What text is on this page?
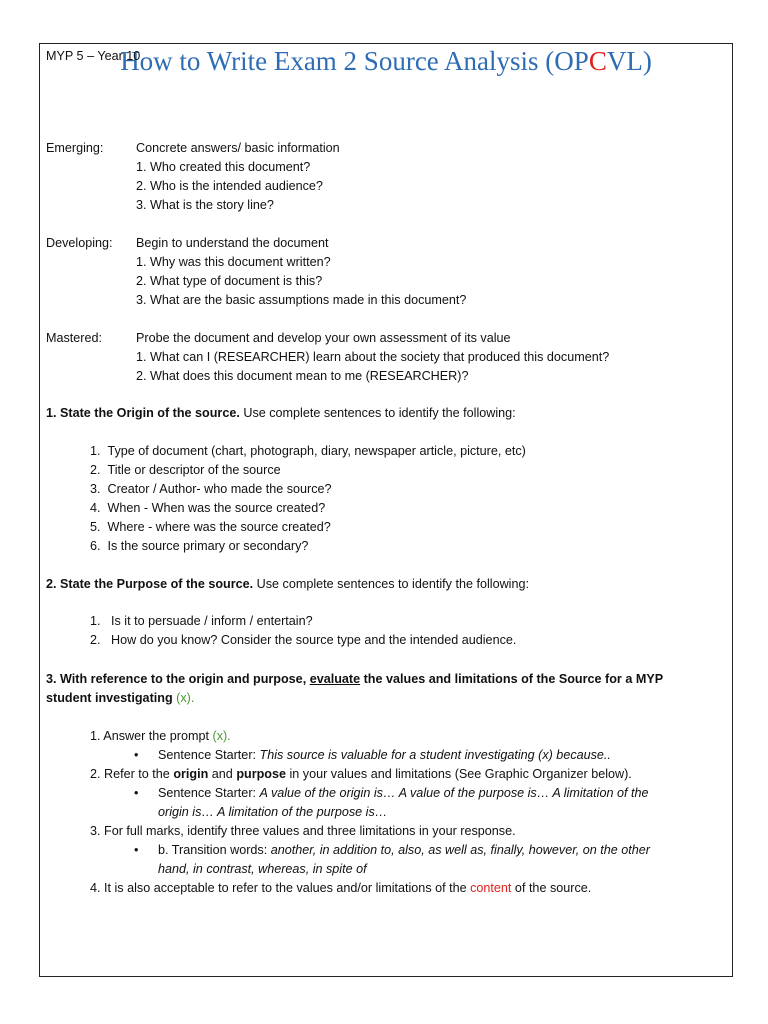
MYP 5 – Year 10
How to Write Exam 2 Source Analysis (OPCVL)
Emerging:	Concrete answers/ basic information
1. Who created this document?
2. Who is the intended audience?
3. What is the story line?
Developing: Begin to understand the document
1. Why was this document written?
2. What type of document is this?
3. What are the basic assumptions made in this document?
Mastered:	Probe the document and develop your own assessment of its value
1. What can I (RESEARCHER) learn about the society that produced this document?
2. What does this document mean to me (RESEARCHER)?
1. State the Origin of the source. Use complete sentences to identify the following:
1.  Type of document (chart, photograph, diary, newspaper article, picture, etc)
2.  Title or descriptor of the source
3.  Creator / Author- who made the source?
4.  When - When was the source created?
5.  Where - where was the source created?
6.  Is the source primary or secondary?
2. State the Purpose of the source. Use complete sentences to identify the following:
1.   Is it to persuade / inform / entertain?
2.   How do you know? Consider the source type and the intended audience.
3. With reference to the origin and purpose, evaluate the values and limitations of the Source for a MYP
student investigating (x).
1. Answer the prompt (x).
• Sentence Starter: This source is valuable for a student investigating (x) because..
2. Refer to the origin and purpose in your values and limitations (See Graphic Organizer below).
• Sentence Starter: A value of the origin is… A value of the purpose is… A limitation of the
origin is… A limitation of the purpose is…
3. For full marks, identify three values and three limitations in your response.
• b. Transition words: another, in addition to, also, as well as, finally, however, on the other
hand, in contrast, whereas, in spite of
4. It is also acceptable to refer to the values and/or limitations of the content of the source.
